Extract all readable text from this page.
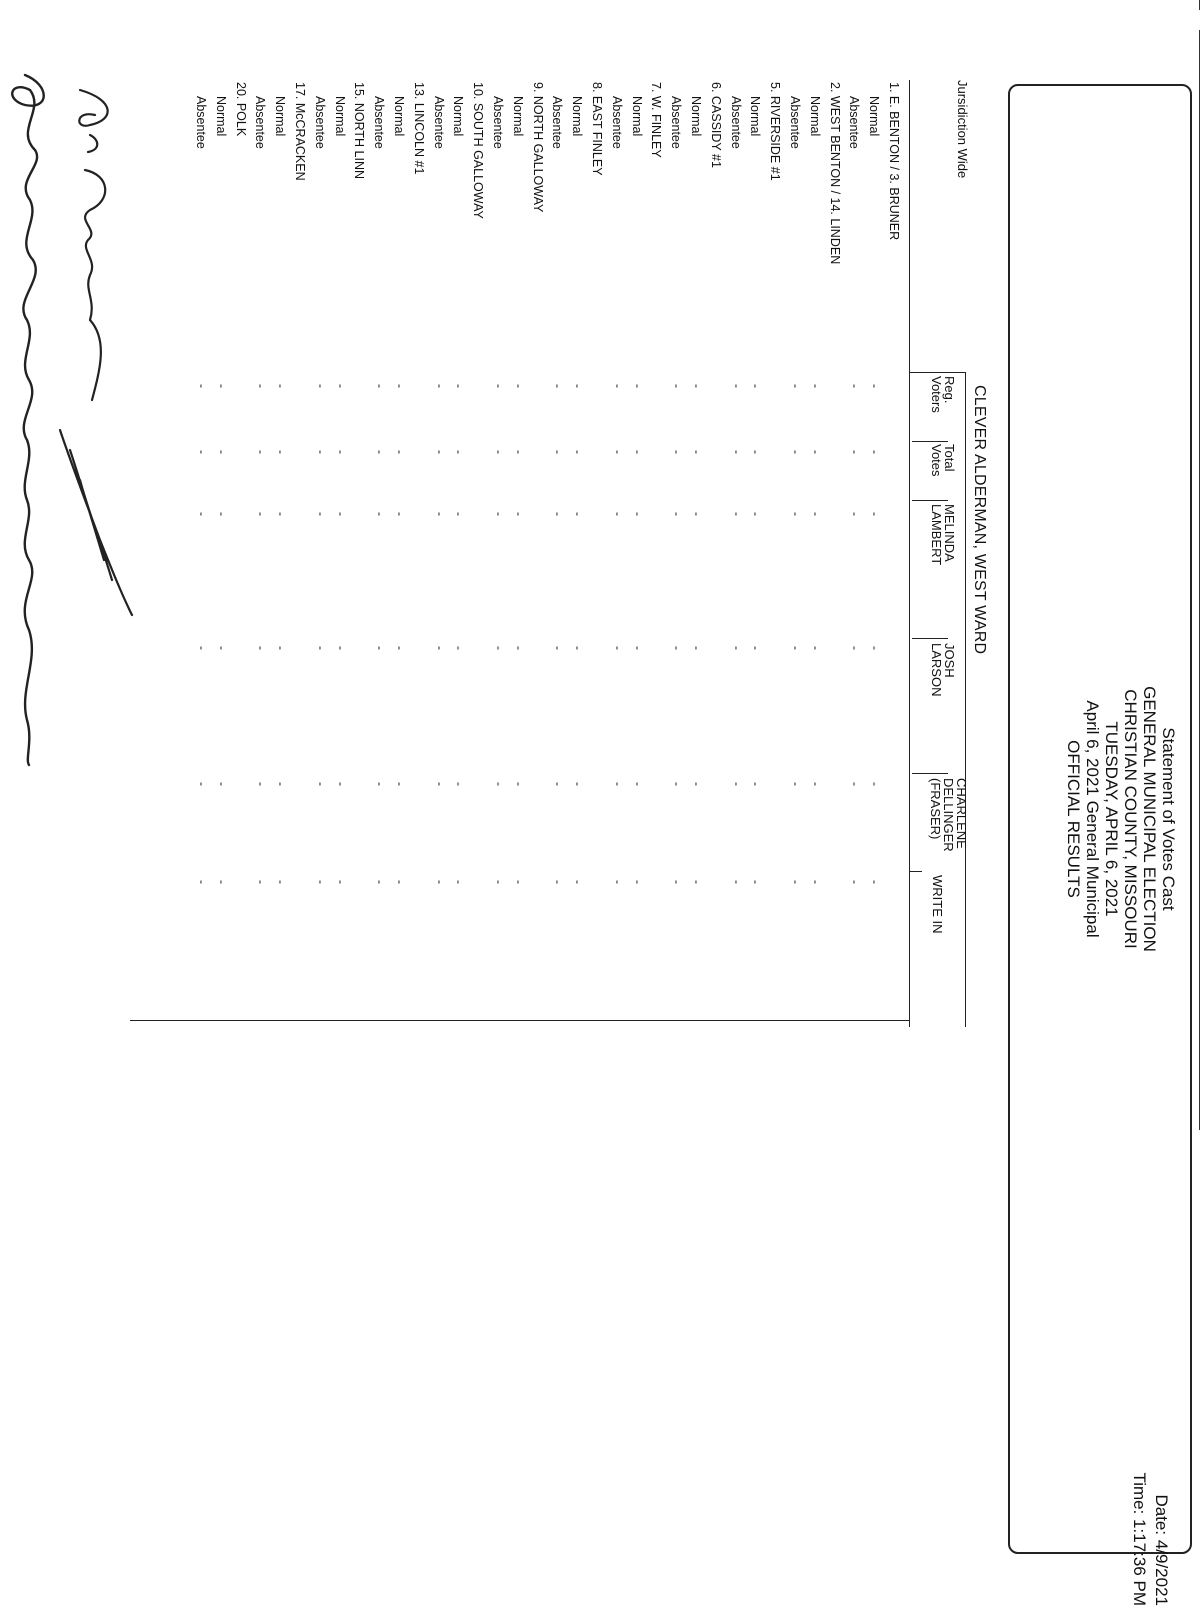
Statement of Votes Cast
GENERAL MUNICIPAL ELECTION
CHRISTIAN COUNTY, MISSOURI
TUESDAY, APRIL 6, 2021
April 6, 2021 General Municipal
OFFICIAL RESULTS
Date: 4/9/2021
Time: 1:17:36 PM
CLEVER ALDERMAN, WEST WARD
Jursidiction Wide
Reg.
Voters
Total
Votes
MELINDA
LAMBERT
JOSH
LARSON
CHARLENE
DELLINGER
(FRASER)
WRITE IN
1. E. BENTON / 3. BRUNER
Normal
-
-
-
-
-
-
Absentee
-
-
-
-
-
-
2. WEST BENTON / 14. LINDEN
Normal
-
-
-
-
-
-
Absentee
-
-
-
-
-
-
5. RIVERSIDE #1
Normal
-
-
-
-
-
-
Absentee
-
-
-
-
-
-
6. CASSIDY #1
Normal
-
-
-
-
-
-
Absentee
-
-
-
-
-
-
7. W. FINLEY
Normal
-
-
-
-
-
-
Absentee
-
-
-
-
-
-
8. EAST FINLEY
Normal
-
-
-
-
-
-
Absentee
-
-
-
-
-
-
9. NORTH GALLOWAY
Normal
-
-
-
-
-
-
Absentee
-
-
-
-
-
-
10. SOUTH GALLOWAY
Normal
-
-
-
-
-
-
Absentee
-
-
-
-
-
-
13. LINCOLN #1
Normal
-
-
-
-
-
-
Absentee
-
-
-
-
-
-
15. NORTH LINN
Normal
-
-
-
-
-
-
Absentee
-
-
-
-
-
-
17. McCRACKEN
Normal
-
-
-
-
-
-
Absentee
-
-
-
-
-
-
20. POLK
Normal
-
-
-
-
-
-
Absentee
-
-
-
-
-
-
